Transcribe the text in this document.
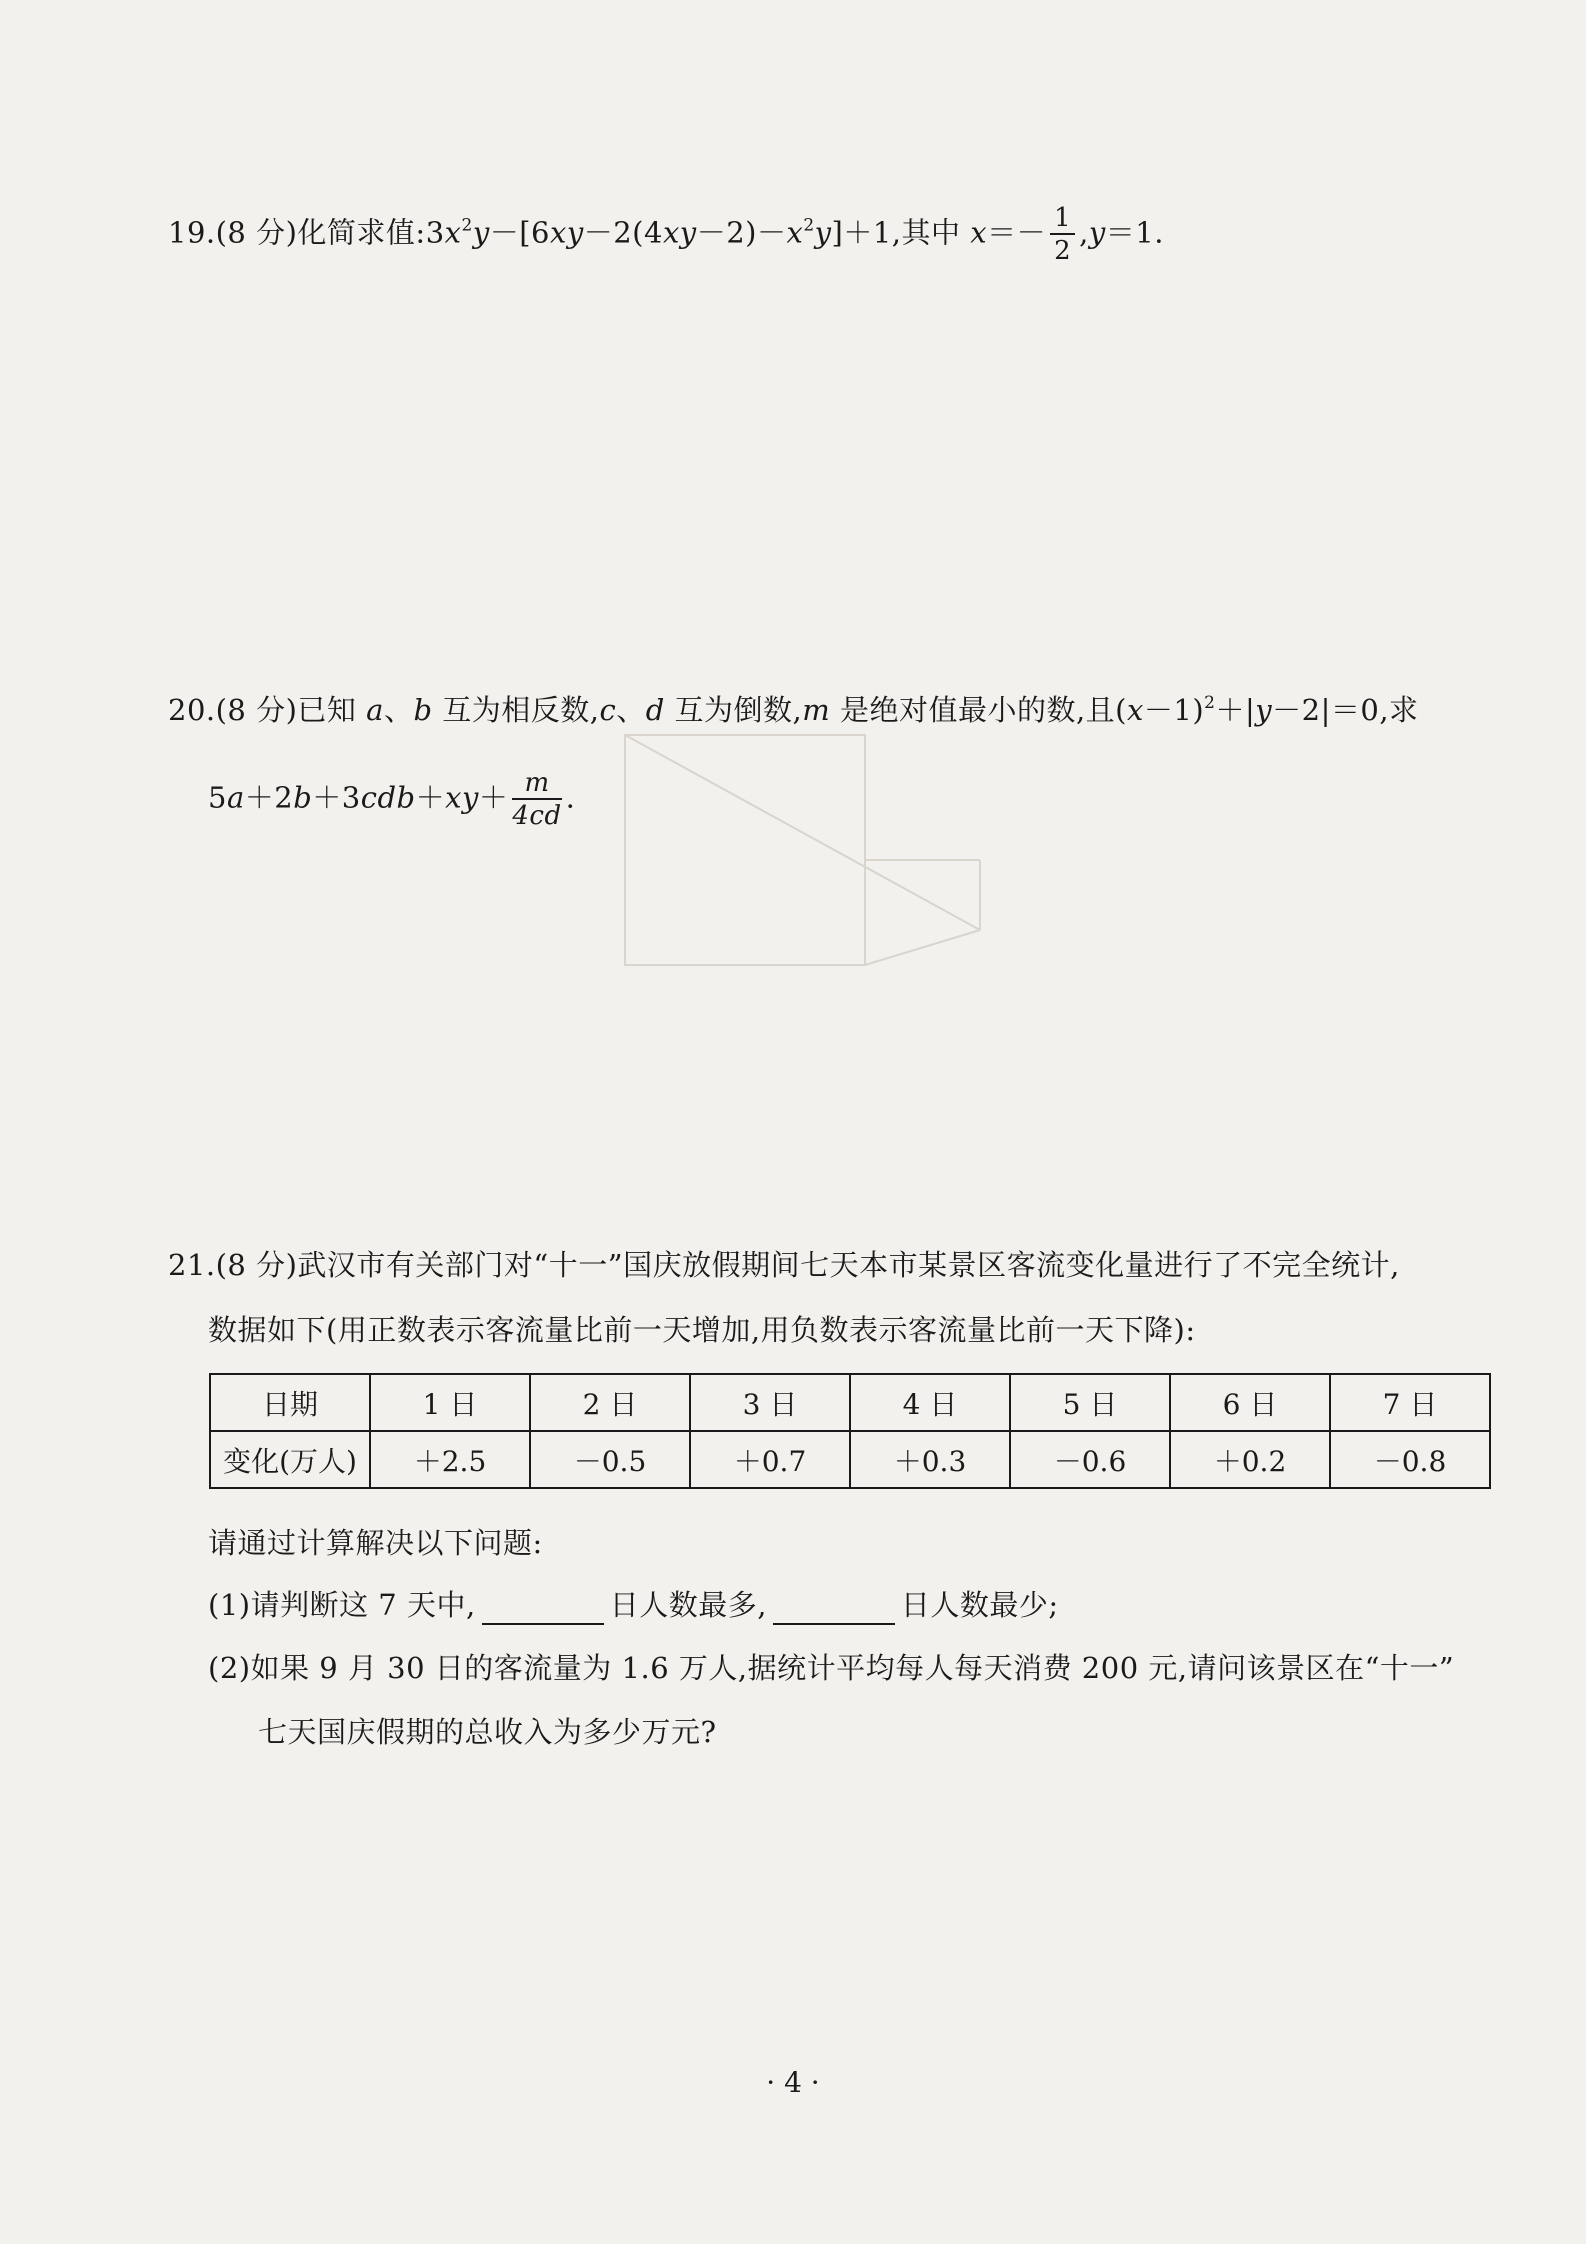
19.(8 分)化简求值$:3x^2y-[6xy-2(4xy-2)-x^2y]+1$,其中 $x=- \frac{1}{2} ,y=1$.
20.(8 分)已知 a、b 互为相反数,c、d 互为倒数,m 是绝对值最小的数,且$(x-1)^2+|y-2|=0$,求
$5a+2b+3cdb+xy+ \frac{m}{4cd}$ .
21.(8 分)武汉市有关部门对“十一”国庆放假期间七天本市某景区客流变化量进行了不完全统计,
数据如下(用正数表示客流量比前一天增加,用负数表示客流量比前一天下降):
日期	1 日	2 日	3 日	4 日	5 日	6 日	7 日
变化(万人)	＋2.5	－0.5	＋0.7	＋0.3	－0.6	＋0.2	－0.8
请通过计算解决以下问题:
(1)请判断这 7 天中,	日人数最多,	日人数最少;
(2)如果 9 月 30 日的客流量为 1.6 万人,据统计平均每人每天消费 200 元,请问该景区在“十一”
七天国庆假期的总收入为多少万元?
· 4 ·
